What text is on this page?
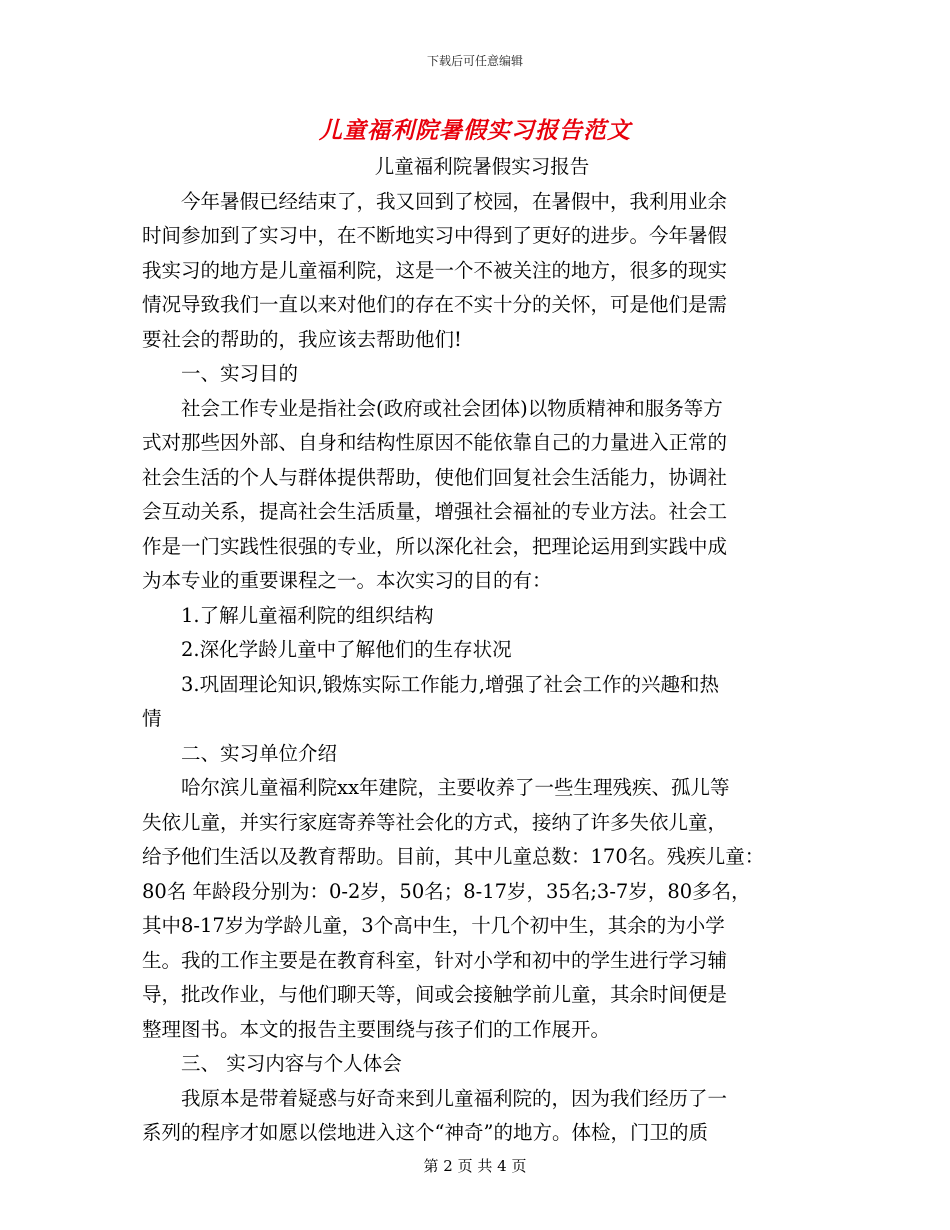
下载后可任意编辑
儿童福利院暑假实习报告范文
儿童福利院暑假实习报告
　　今年暑假已经结束了，我又回到了校园，在暑假中，我利用业余
时间参加到了实习中，在不断地实习中得到了更好的进步。今年暑假
我实习的地方是儿童福利院，这是一个不被关注的地方，很多的现实
情况导致我们一直以来对他们的存在不实十分的关怀，可是他们是需
要社会的帮助的，我应该去帮助他们!
　　一、实习目的
　　社会工作专业是指社会(政府或社会团体)以物质精神和服务等方
式对那些因外部、自身和结构性原因不能依靠自己的力量进入正常的
社会生活的个人与群体提供帮助，使他们回复社会生活能力，协调社
会互动关系，提高社会生活质量，增强社会福祉的专业方法。社会工
作是一门实践性很强的专业，所以深化社会，把理论运用到实践中成
为本专业的重要课程之一。本次实习的目的有：
　　1.了解儿童福利院的组织结构
　　2.深化学龄儿童中了解他们的生存状况
　　3.巩固理论知识,锻炼实际工作能力,增强了社会工作的兴趣和热
情
　　二、实习单位介绍
　　哈尔滨儿童福利院xx年建院，主要收养了一些生理残疾、孤儿等
失依儿童，并实行家庭寄养等社会化的方式，接纳了许多失依儿童，
给予他们生活以及教育帮助。目前，其中儿童总数：170名。残疾儿童：
80名 年龄段分别为：0-2岁，50名；8-17岁，35名;3-7岁，80多名，
其中8-17岁为学龄儿童，3个高中生，十几个初中生，其余的为小学
生。我的工作主要是在教育科室，针对小学和初中的学生进行学习辅
导，批改作业，与他们聊天等，间或会接触学前儿童，其余时间便是
整理图书。本文的报告主要围绕与孩子们的工作展开。
　　三、 实习内容与个人体会
　　我原本是带着疑惑与好奇来到儿童福利院的，因为我们经历了一
系列的程序才如愿以偿地进入这个“神奇”的地方。体检，门卫的质
第 2 页 共 4 页
